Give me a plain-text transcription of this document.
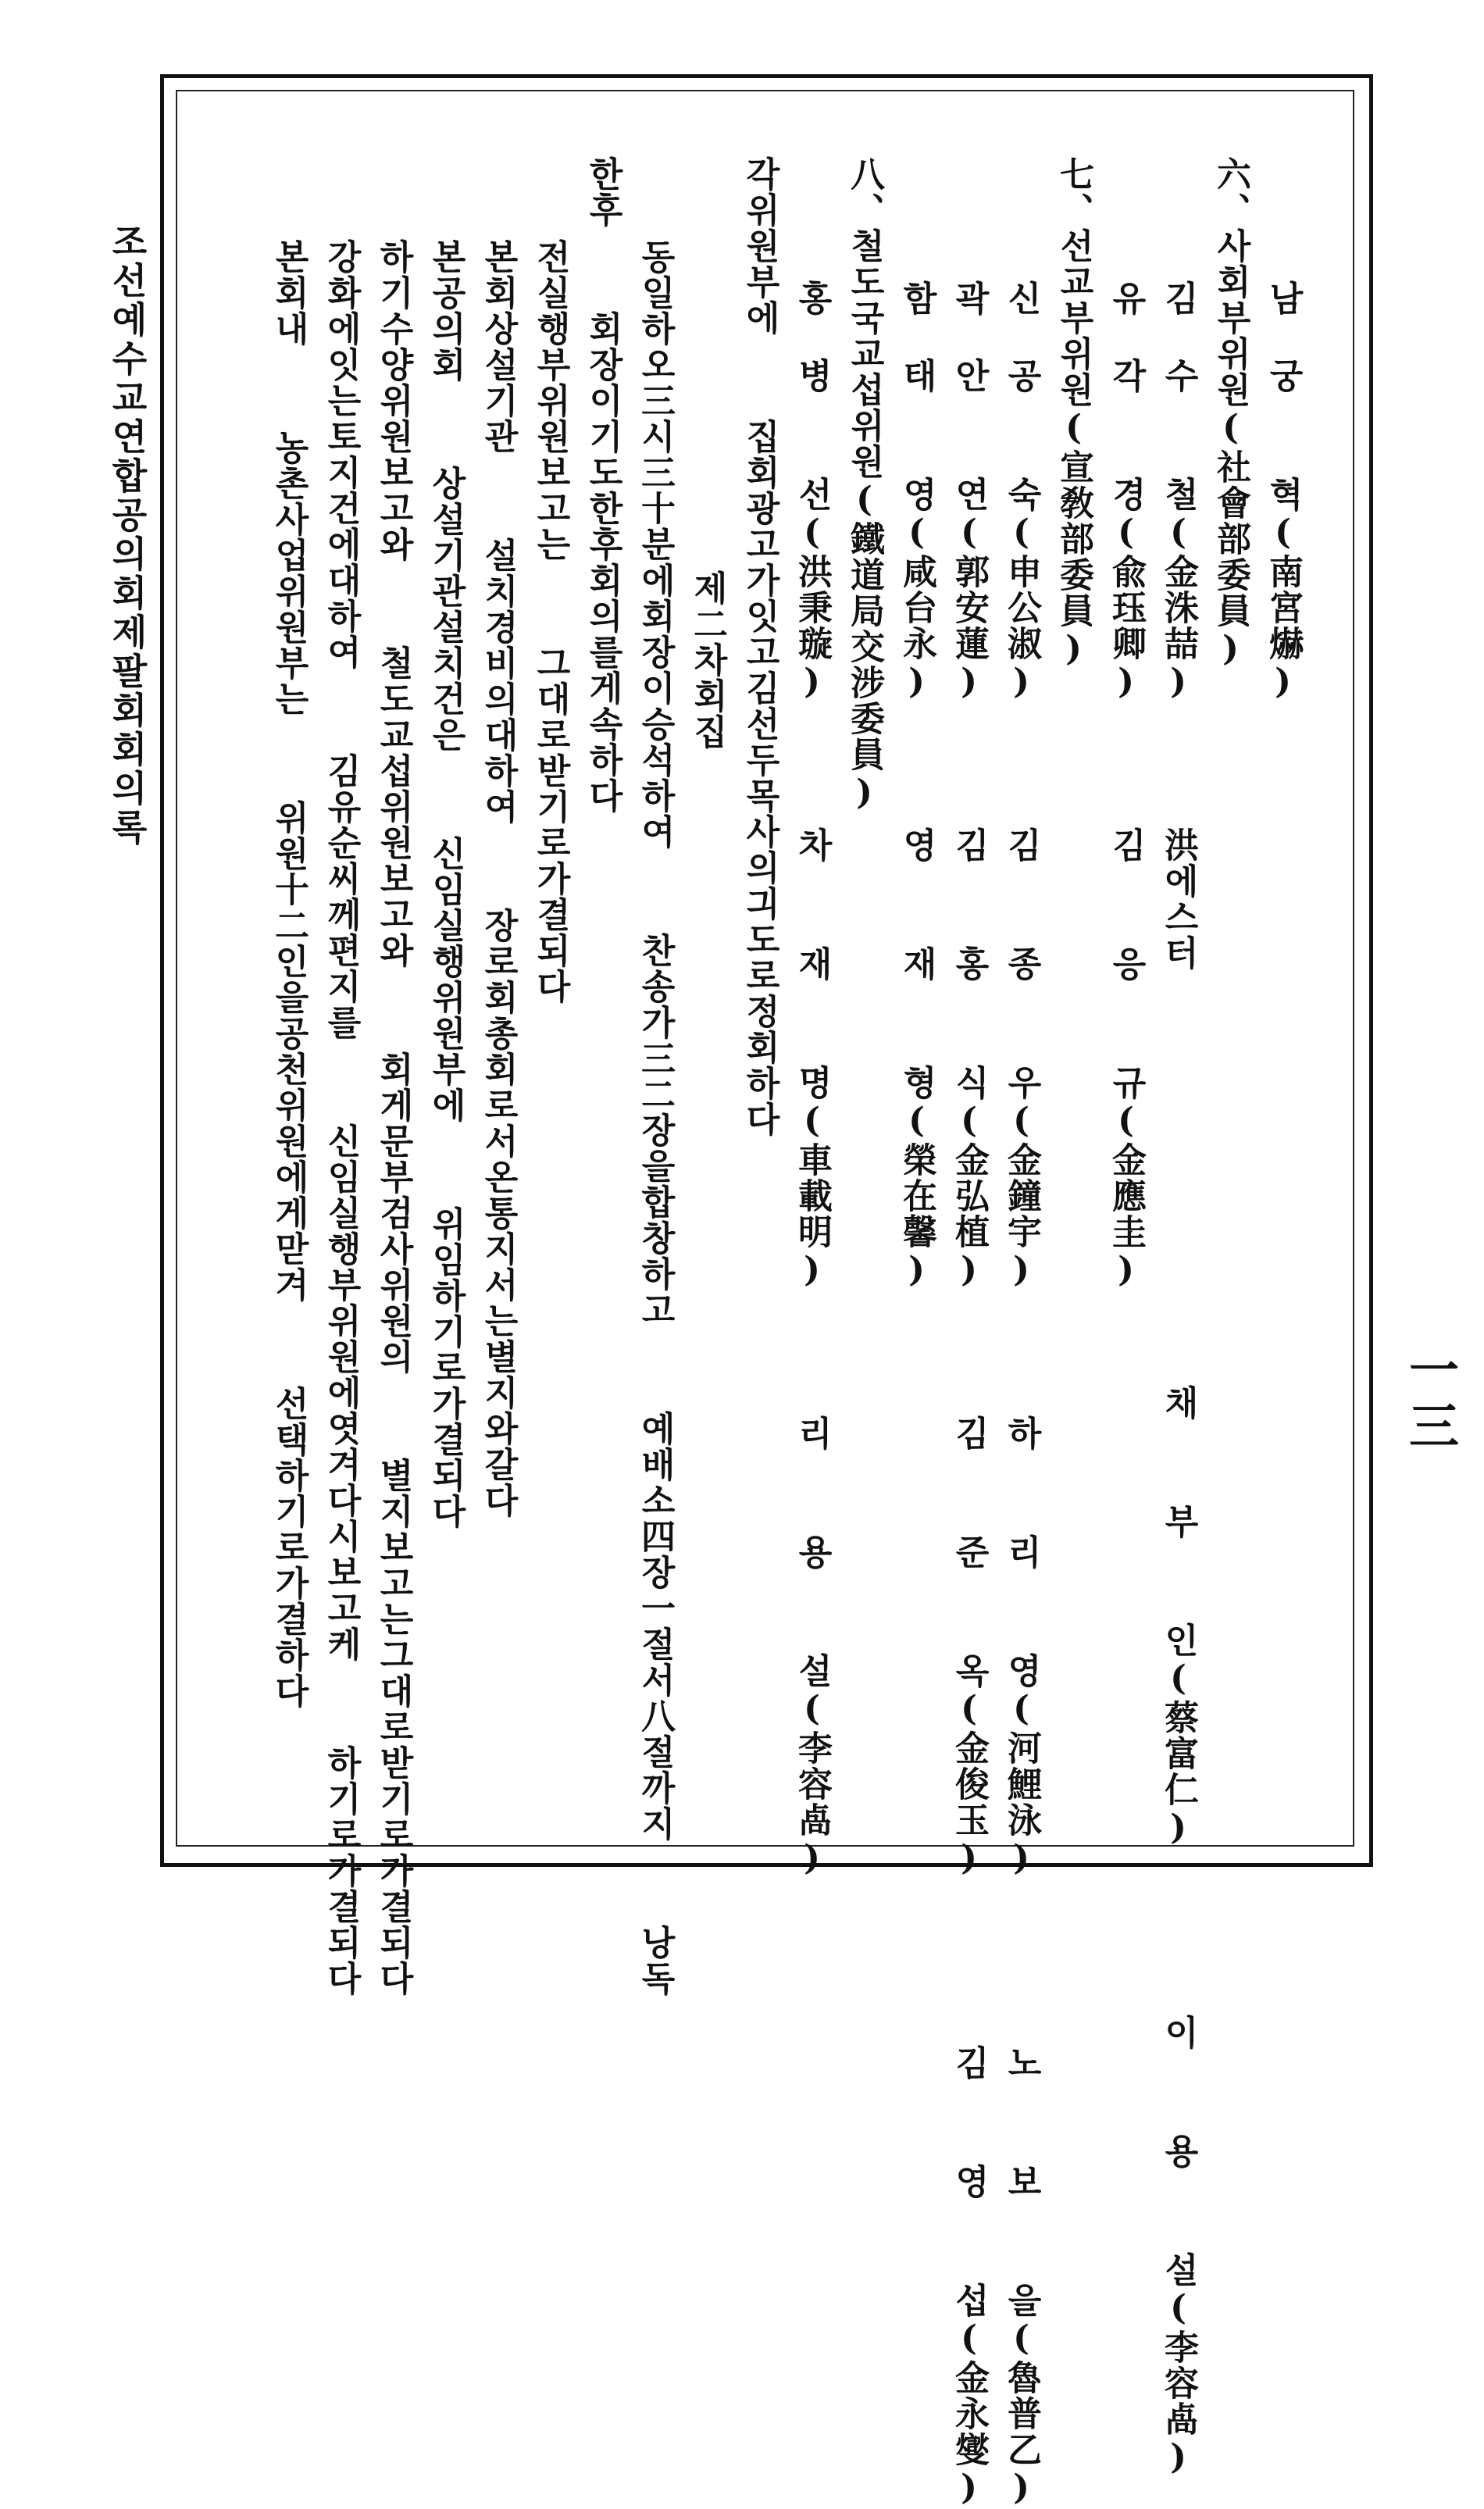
一三
조선예수교연합공의회제팔회회의록	남 궁  혁(南宮爀)
六、사회부위원(社會部委員)
김 수  철(金洙喆)   洪에스터          채  부  인(蔡富仁)    이  용  설(李容卨)
유 각  경(兪珏卿)   김  응  규(金應圭)
七、선교부위원(宣敎部委員)
신 공  숙(申公淑)   김  종  우(金鐘宇)   하  리  영(河鯉泳)    노  보  을(魯普乙)
곽 안  연(郭安蓮)   김  홍  식(金弘植)   김  준  옥(金俊玉)    김  영  섭(金永燮)
함 태  영(咸台永)   영  재  형(榮在馨)
八、철도국교섭위원(鐵道局交涉委員)
홍 병  선(洪秉璇)   차  재  명(車載明)   리  용  설(李容卨)
각위원부에  집회광고가잇고김선두목사의긔도로정회하다
제二차회집
동일하오三시三十분에회장이승석하여  찬송가三二장을합창하고  예배소四장一절서八절까지  낭독
한후  회장이기도한후회의를게속하다
전실행부위원보고는  그대로받기로가결되다
본회상설기관  설치경비의대하여  장로회총회로서온통지서는별지와갈다
본공의회  상설기관설치건은  신임실행위원부에  위임하기로가결되다
하기수양위원보고와  철도교섭위원보고와  회게문부검사위원의  별지보고는그대로받기로가결되다
강화에잇는토지건에대하여  김유순씨께편지를  신임실행부위원에엿겨다시보고케  하기로가결되다
본회내  농촌사업위원부는  위원十二인을공천위원에게맏겨  선택하기로가결하다
